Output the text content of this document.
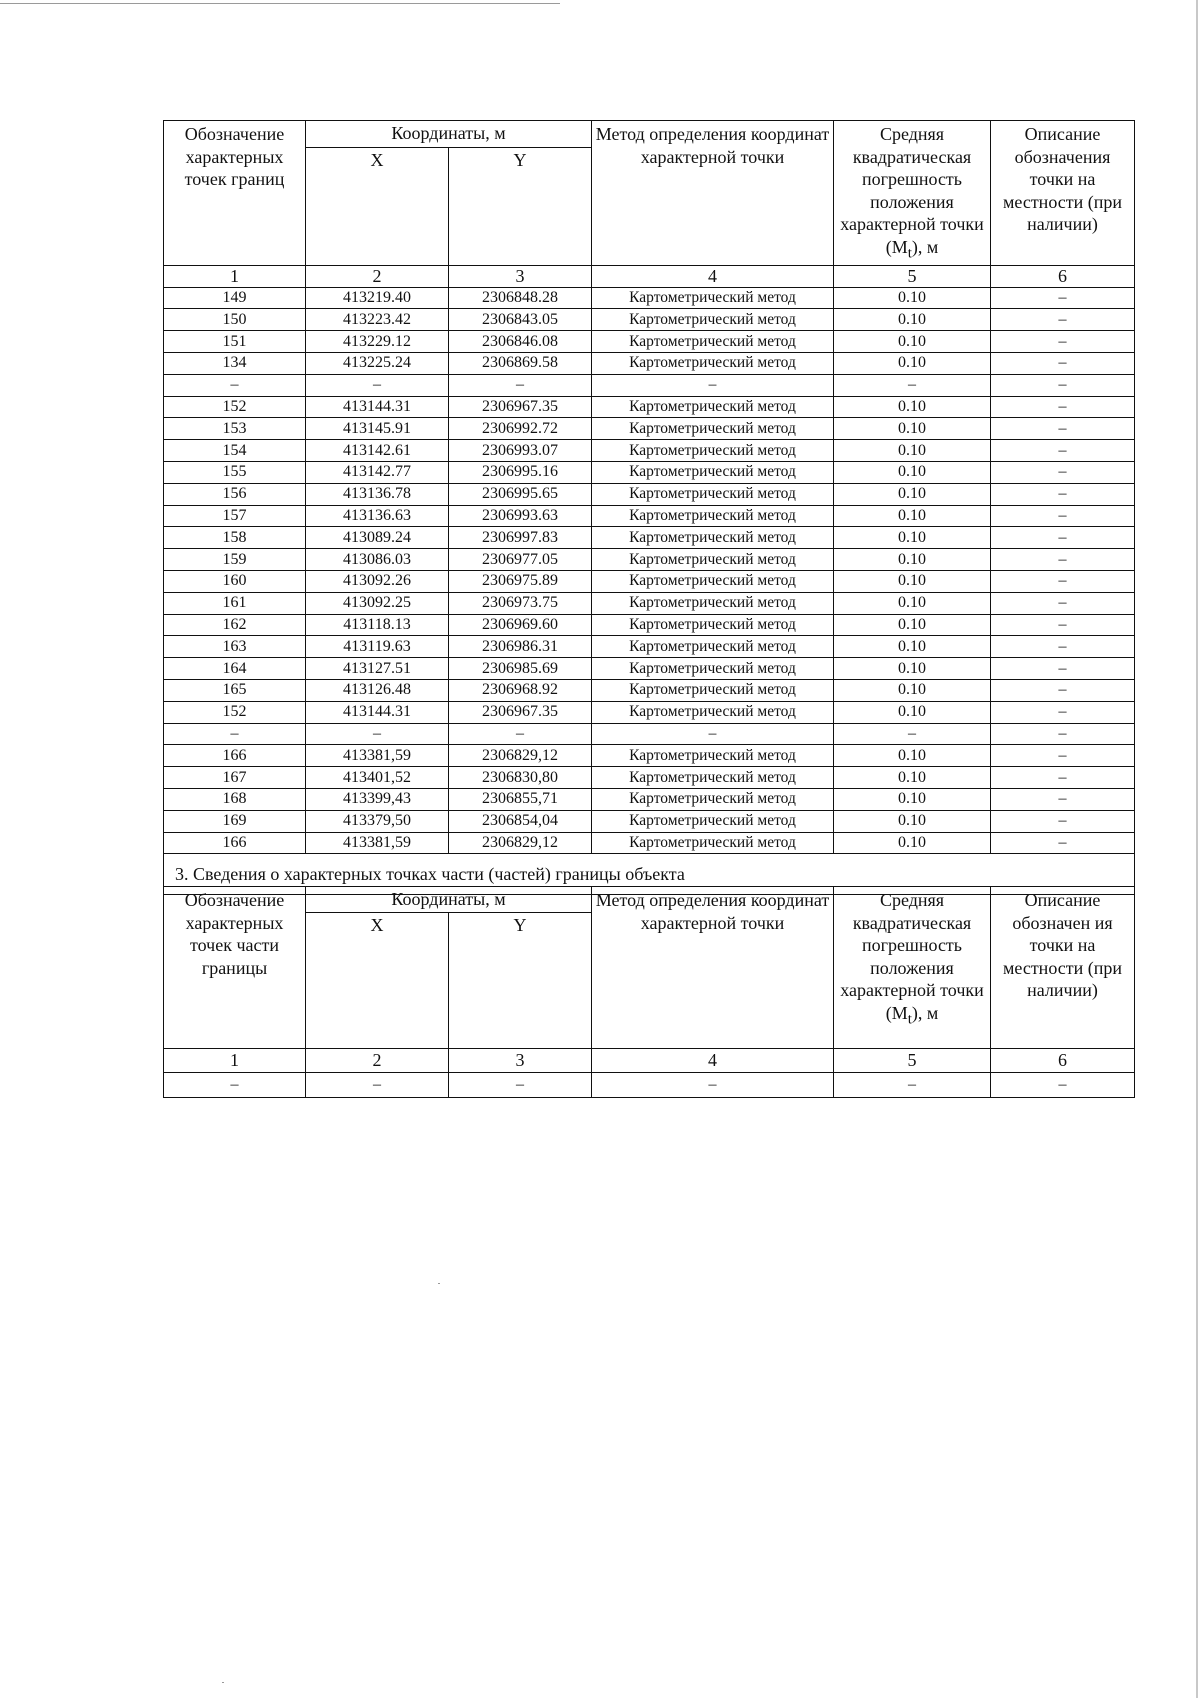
Обозначение характерных точек границ	Координаты, м		Метод определения координат характерной точки	Средняя квадратическая погрешность положения характерной точки $(M_t)$, м	Описание обозначения точки на местности (при наличии)
	X	Y			
1	2	3	4	5	6
149	413219.40	2306848.28	Картометрический метод	0.10	–
150	413223.42	2306843.05	Картометрический метод	0.10	–
151	413229.12	2306846.08	Картометрический метод	0.10	–
134	413225.24	2306869.58	Картометрический метод	0.10	–
–	–	–	–	–	–
152	413144.31	2306967.35	Картометрический метод	0.10	–
153	413145.91	2306992.72	Картометрический метод	0.10	–
154	413142.61	2306993.07	Картометрический метод	0.10	–
155	413142.77	2306995.16	Картометрический метод	0.10	–
156	413136.78	2306995.65	Картометрический метод	0.10	–
157	413136.63	2306993.63	Картометрический метод	0.10	–
158	413089.24	2306997.83	Картометрический метод	0.10	–
159	413086.03	2306977.05	Картометрический метод	0.10	–
160	413092.26	2306975.89	Картометрический метод	0.10	–
161	413092.25	2306973.75	Картометрический метод	0.10	–
162	413118.13	2306969.60	Картометрический метод	0.10	–
163	413119.63	2306986.31	Картометрический метод	0.10	–
164	413127.51	2306985.69	Картометрический метод	0.10	–
165	413126.48	2306968.92	Картометрический метод	0.10	–
152	413144.31	2306967.35	Картометрический метод	0.10	–
–	–	–	–	–	–
166	413381,59	2306829,12	Картометрический метод	0.10	–
167	413401,52	2306830,80	Картометрический метод	0.10	–
168	413399,43	2306855,71	Картометрический метод	0.10	–
169	413379,50	2306854,04	Картометрический метод	0.10	–
166	413381,59	2306829,12	Картометрический метод	0.10	–
3. Сведения о характерных точках части (частей) границы объекта					
Обозначение характерных точек части границы	Координаты, м		Метод определения координат характерной точки	Средняя квадратическая погрешность положения характерной точки $(M_t)$, м	Описание обозначен ия точки на местности (при наличии)
	X	Y			
1	2	3	4	5	6
–	–	–	–	–	–
